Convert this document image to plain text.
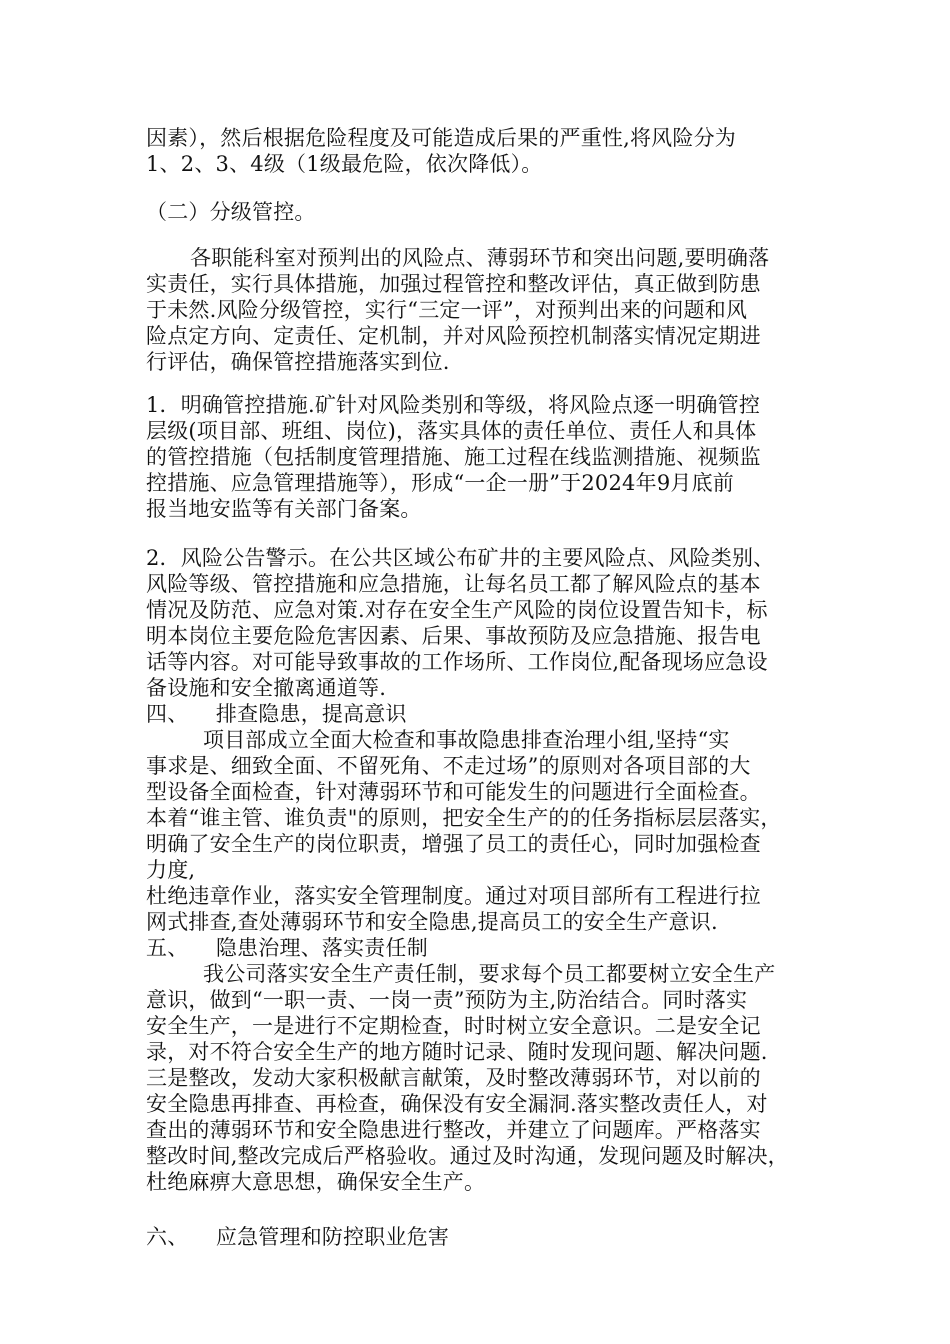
因素），然后根据危险程度及可能造成后果的严重性,将风险分为
1、2、3、4级（1级最危险，依次降低）。
（二）分级管控。
各职能科室对预判出的风险点、薄弱环节和突出问题,要明确落
实责任，实行具体措施，加强过程管控和整改评估，真正做到防患
于未然.风险分级管控，实行“三定一评”，对预判出来的问题和风
险点定方向、定责任、定机制，并对风险预控机制落实情况定期进
行评估，确保管控措施落实到位.
1．明确管控措施.矿针对风险类别和等级，将风险点逐一明确管控
层级(项目部、班组、岗位)，落实具体的责任单位、责任人和具体
的管控措施（包括制度管理措施、施工过程在线监测措施、视频监
控措施、应急管理措施等），形成“一企一册”于2024年9月底前
报当地安监等有关部门备案。
2．风险公告警示。在公共区域公布矿井的主要风险点、风险类别、
风险等级、管控措施和应急措施，让每名员工都了解风险点的基本
情况及防范、应急对策.对存在安全生产风险的岗位设置告知卡，标
明本岗位主要危险危害因素、后果、事故预防及应急措施、报告电
话等内容。对可能导致事故的工作场所、工作岗位,配备现场应急设
备设施和安全撤离通道等.
四、    排查隐患，提高意识
项目部成立全面大检查和事故隐患排查治理小组,坚持“实
事求是、细致全面、不留死角、不走过场”的原则对各项目部的大
型设备全面检查，针对薄弱环节和可能发生的问题进行全面检查。
本着“谁主管、谁负责"的原则，把安全生产的的任务指标层层落实，
明确了安全生产的岗位职责，增强了员工的责任心，同时加强检查
力度,
杜绝违章作业，落实安全管理制度。通过对项目部所有工程进行拉
网式排查,查处薄弱环节和安全隐患,提高员工的安全生产意识.
五、    隐患治理、落实责任制
我公司落实安全生产责任制，要求每个员工都要树立安全生产
意识，做到“一职一责、一岗一责”预防为主,防治结合。同时落实
安全生产，一是进行不定期检查，时时树立安全意识。二是安全记
录，对不符合安全生产的地方随时记录、随时发现问题、解决问题.
三是整改，发动大家积极献言献策，及时整改薄弱环节，对以前的
安全隐患再排查、再检查，确保没有安全漏洞.落实整改责任人，对
查出的薄弱环节和安全隐患进行整改，并建立了问题库。严格落实
整改时间,整改完成后严格验收。通过及时沟通，发现问题及时解决，
杜绝麻痹大意思想，确保安全生产。
六、    应急管理和防控职业危害
